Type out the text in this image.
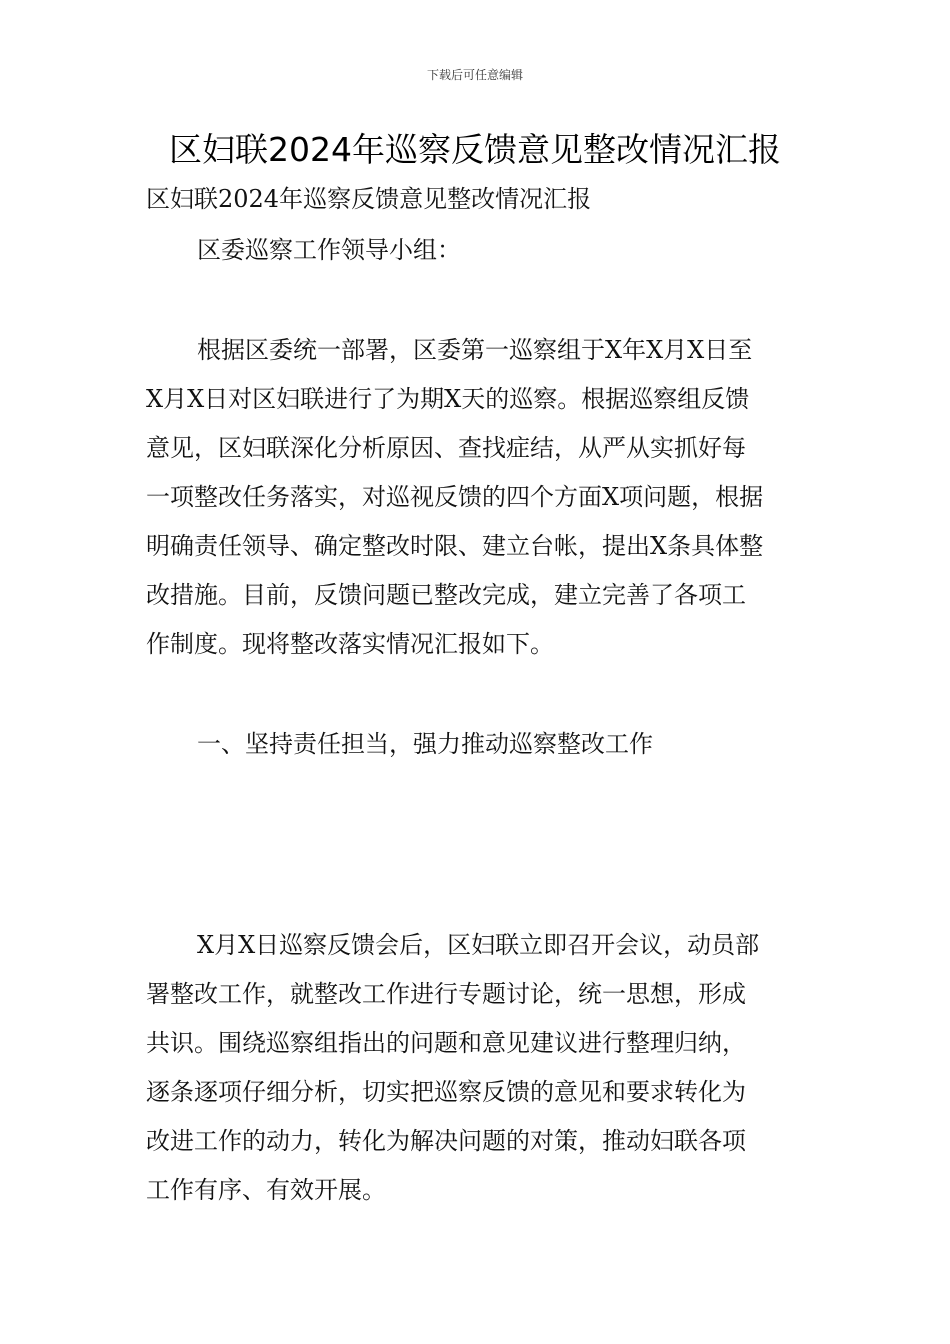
下载后可任意编辑
区妇联2024年巡察反馈意见整改情况汇报
区妇联2024年巡察反馈意见整改情况汇报
区委巡察工作领导小组：
根据区委统一部署，区委第一巡察组于X年X月X日至
X月X日对区妇联进行了为期X天的巡察。根据巡察组反馈
意见，区妇联深化分析原因、查找症结，从严从实抓好每
一项整改任务落实，对巡视反馈的四个方面X项问题，根据
明确责任领导、确定整改时限、建立台帐，提出X条具体整
改措施。目前，反馈问题已整改完成，建立完善了各项工
作制度。现将整改落实情况汇报如下。
一、坚持责任担当，强力推动巡察整改工作
X月X日巡察反馈会后，区妇联立即召开会议，动员部
署整改工作，就整改工作进行专题讨论，统一思想，形成
共识。围绕巡察组指出的问题和意见建议进行整理归纳，
逐条逐项仔细分析，切实把巡察反馈的意见和要求转化为
改进工作的动力，转化为解决问题的对策，推动妇联各项
工作有序、有效开展。
